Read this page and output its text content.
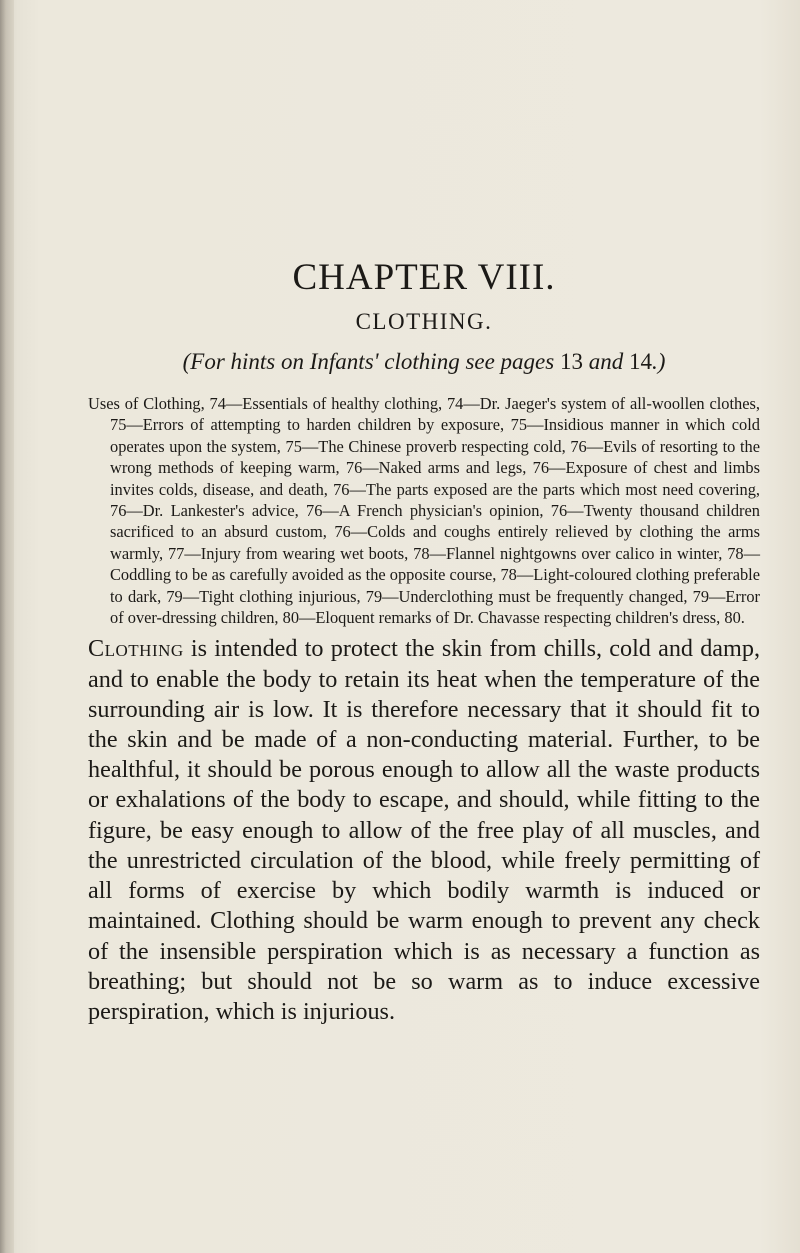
CHAPTER VIII.
CLOTHING.

(For hints on Infants' clothing see pages 13 and 14.)

Uses of Clothing, 74—Essentials of healthy clothing, 74—Dr. Jaeger's system of all-woollen clothes, 75—Errors of attempting to harden children by exposure, 75—Insidious manner in which cold operates upon the system, 75—The Chinese proverb respecting cold, 76—Evils of resorting to the wrong methods of keeping warm, 76—Naked arms and legs, 76—Exposure of chest and limbs invites colds, disease, and death, 76—The parts exposed are the parts which most need covering, 76—Dr. Lankester's advice, 76—A French physician's opinion, 76—Twenty thousand children sacrificed to an absurd custom, 76—Colds and coughs entirely relieved by clothing the arms warmly, 77—Injury from wearing wet boots, 78—Flannel nightgowns over calico in winter, 78—Coddling to be as carefully avoided as the opposite course, 78—Light-coloured clothing preferable to dark, 79—Tight clothing injurious, 79—Underclothing must be frequently changed, 79—Error of over-dressing children, 80—Eloquent remarks of Dr. Chavasse respecting children's dress, 80.

Clothing is intended to protect the skin from chills, cold and damp, and to enable the body to retain its heat when the temperature of the surrounding air is low. It is therefore necessary that it should fit to the skin and be made of a non-conducting material. Further, to be healthful, it should be porous enough to allow all the waste products or exhalations of the body to escape, and should, while fitting to the figure, be easy enough to allow of the free play of all muscles, and the unrestricted circulation of the blood, while freely permitting of all forms of exercise by which bodily warmth is induced or maintained. Clothing should be warm enough to prevent any check of the insensible perspiration which is as necessary a function as breathing; but should not be so warm as to induce excessive perspiration, which is injurious.
